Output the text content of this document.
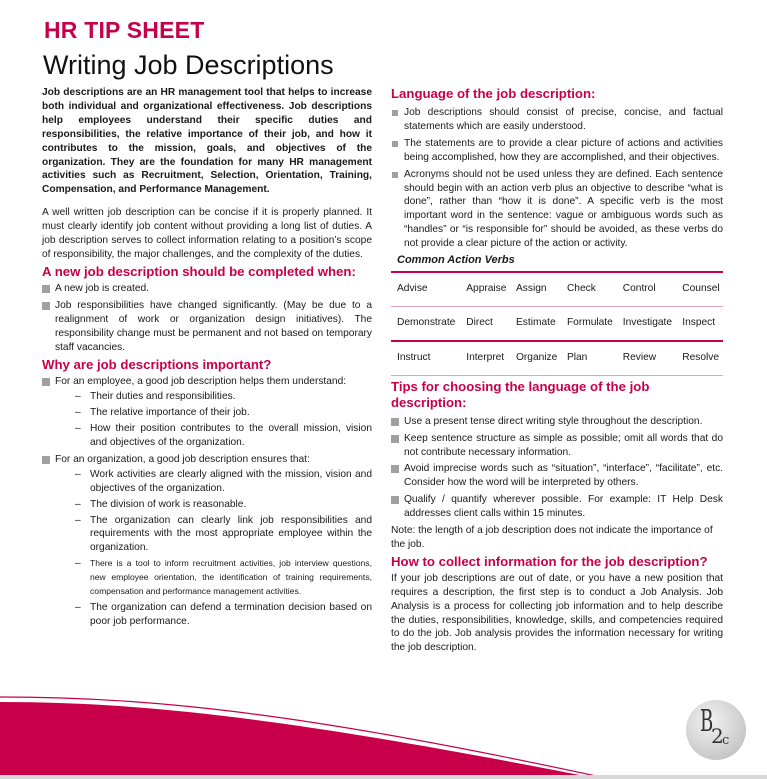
HR TIP SHEET
Writing Job Descriptions

Job descriptions are an HR management tool that helps to increase both individual and organizational effectiveness. Job descriptions help employees understand their specific duties and responsibilities, the relative importance of their job, and how it contributes to the mission, goals, and objectives of the organization. They are the foundation for many HR management activities such as Recruitment, Selection, Orientation, Training, Compensation, and Performance Management.

A well written job description can be concise if it is properly planned. It must clearly identify job content without providing a long list of duties. A job description serves to collect information relating to a position’s scope of responsibility, the major challenges, and the complexity of the duties.

A new job description should be completed when:
A new job is created.
Job responsibilities have changed significantly. (May be due to a realignment of work or organization design initiatives). The responsibility change must be permanent and not based on temporary staff vacancies.
Why are job descriptions important?
For an employee, a good job description helps them understand:
– Their duties and responsibilities.
– The relative importance of their job.
– How their position contributes to the overall mission, vision and objectives of the organization.
For an organization, a good job description ensures that:
– Work activities are clearly aligned with the mission, vision and objectives of the organization.
– The division of work is reasonable.
– The organization can clearly link job responsibilities and requirements with the most appropriate employee within the organization.
– There is a tool to inform recruitment activities, job interview questions, new employee orientation, the identification of training requirements, compensation and performance management activities.
– The organization can defend a termination decision based on poor job performance.
Language of the job description:
Job descriptions should consist of precise, concise, and factual statements which are easily understood.
The statements are to provide a clear picture of actions and activities being accomplished, how they are accomplished, and their objectives.
Acronyms should not be used unless they are defined. Each sentence should begin with an action verb plus an objective to describe “what is done”, rather than “how it is done”. A specific verb is the most important word in the sentence: vague or ambiguous words such as “handles” or “is responsible for” should be avoided, as these verbs do not provide a clear picture of the action or activity.
Common Action Verbs
Advise	Appraise	Assign	Check	Control	Counsel
Demonstrate	Direct	Estimate	Formulate	Investigate	Inspect
Instruct	Interpret	Organize	Plan	Review	Resolve
Tips for choosing the language of the job description:
Use a present tense direct writing style throughout the description.
Keep sentence structure as simple as possible; omit all words that do not contribute necessary information.
Avoid imprecise words such as “situation”, “interface”, “facilitate”, etc. Consider how the word will be interpreted by others.
Qualify / quantify wherever possible. For example: IT Help Desk addresses client calls within 15 minutes.

Note: the length of a job description does not indicate the importance of the job.

How to collect information for the job description?

If your job descriptions are out of date, or you have a new position that requires a description, the first step is to conduct a Job Analysis. Job Analysis is a process for collecting job information and to help describe the duties, responsibilities, knowledge, skills, and competencies required to do the job. Job analysis provides the information necessary for writing the job description.

B
2
c
